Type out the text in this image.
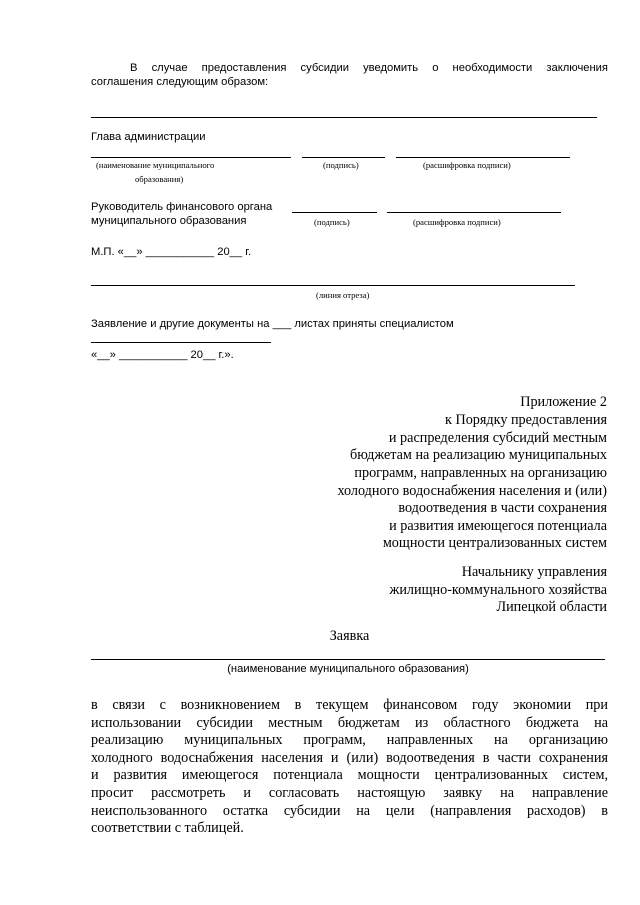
В случае предоставления субсидии уведомить о необходимости заключения
соглашения следующим образом:
Глава администрации
(наименование муниципального
образования)
(подпись)	(расшифровка подписи)
Руководитель финансового органа
муниципального образования	(подпись)	(расшифровка подписи)
М.П. «__» ___________ 20__ г.
(линия отреза)
Заявление и другие документы на ___ листах приняты специалистом
«__» ___________ 20__ г.».
Приложение 2
к Порядку предоставления
и распределения субсидий местным
бюджетам на реализацию муниципальных
программ, направленных на организацию
холодного водоснабжения населения и (или)
водоотведения в части сохранения
и развития имеющегося потенциала
мощности централизованных систем
Начальнику управления
жилищно-коммунального хозяйства
Липецкой области
Заявка
(наименование муниципального образования)
в связи с возникновением в текущем финансовом году экономии при
использовании субсидии местным бюджетам из областного бюджета на
реализацию муниципальных программ, направленных на организацию
холодного водоснабжения населения и (или) водоотведения в части сохранения
и развития имеющегося потенциала мощности централизованных систем,
просит рассмотреть и согласовать настоящую заявку на направление
неиспользованного остатка субсидии на цели (направления расходов) в
соответствии с таблицей.
